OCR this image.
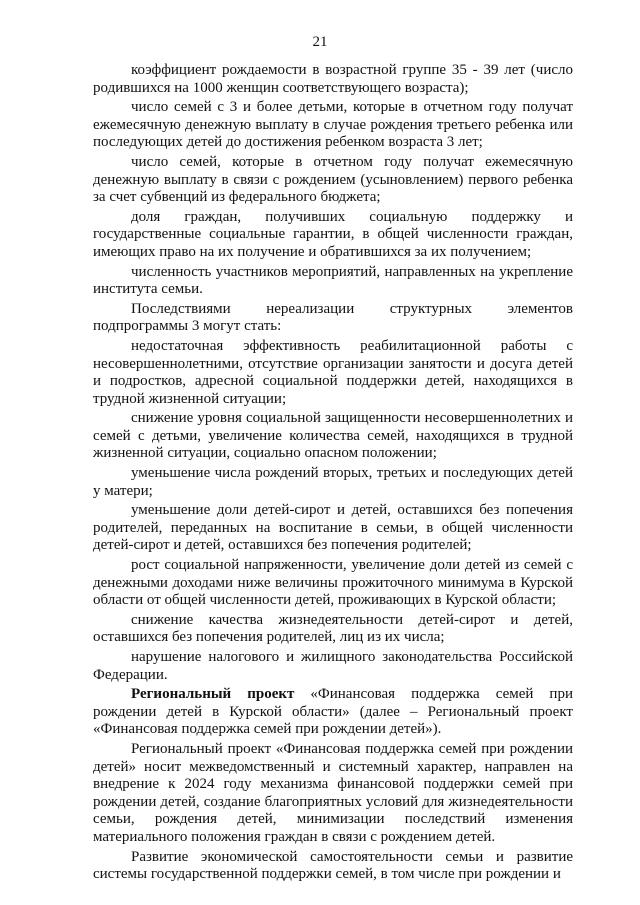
21

коэффициент рождаемости в возрастной группе 35 - 39 лет (число родившихся на 1000 женщин соответствующего возраста);

число семей с 3 и более детьми, которые в отчетном году получат ежемесячную денежную выплату в случае рождения третьего ребенка или последующих детей до достижения ребенком возраста 3 лет;

число семей, которые в отчетном году получат ежемесячную денежную выплату в связи с рождением (усыновлением) первого ребенка за счет субвенций из федерального бюджета;

доля граждан, получивших социальную поддержку и государственные социальные гарантии, в общей численности граждан, имеющих право на их получение и обратившихся за их получением;

численность участников мероприятий, направленных на укрепление института семьи.

Последствиями нереализации структурных элементов подпрограммы 3 могут стать:

недостаточная эффективность реабилитационной работы с несовершеннолетними, отсутствие организации занятости и досуга детей и подростков, адресной социальной поддержки детей, находящихся в трудной жизненной ситуации;

снижение уровня социальной защищенности несовершеннолетних и семей с детьми, увеличение количества семей, находящихся в трудной жизненной ситуации, социально опасном положении;

уменьшение числа рождений вторых, третьих и последующих детей у матери;

уменьшение доли детей-сирот и детей, оставшихся без попечения родителей, переданных на воспитание в семьи, в общей численности детей-сирот и детей, оставшихся без попечения родителей;

рост социальной напряженности, увеличение доли детей из семей с денежными доходами ниже величины прожиточного минимума в Курской области от общей численности детей, проживающих в Курской области;

снижение качества жизнедеятельности детей-сирот и детей, оставшихся без попечения родителей, лиц из их числа;

нарушение налогового и жилищного законодательства Российской Федерации.

Региональный проект «Финансовая поддержка семей при рождении детей в Курской области» (далее – Региональный проект «Финансовая поддержка семей при рождении детей»).

Региональный проект «Финансовая поддержка семей при рождении детей» носит межведомственный и системный характер, направлен на внедрение к 2024 году механизма финансовой поддержки семей при рождении детей, создание благоприятных условий для жизнедеятельности семьи, рождения детей, минимизации последствий изменения материального положения граждан в связи с рождением детей.

Развитие экономической самостоятельности семьи и развитие системы государственной поддержки семей, в том числе при рождении и
